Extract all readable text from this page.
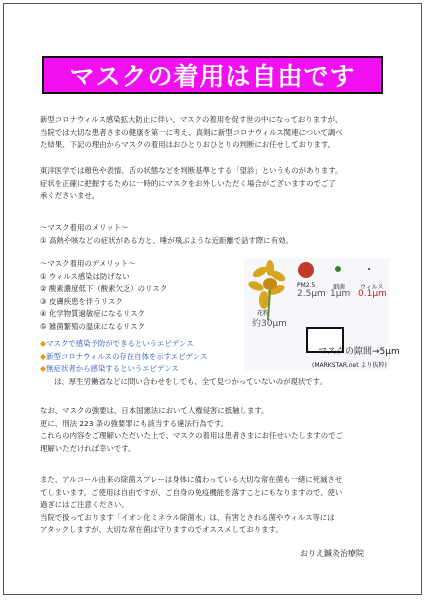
マスクの着用は自由です
新型コロナウィルス感染拡大防止に伴い、マスクの着用を促す世の中になっておりますが、
当院では大切な患者さまの健康を第一に考え、真剣に新型コロナウィルス関連について調べ
た結果、下記の理由からマスクの着用はおひとりおひとりの判断にお任せしております。
東洋医学では顔色や表情、舌の状態などを判断基準とする「望診」というものがあります。
症状を正確に把握するために一時的にマスクをお外しいただく場合がございますのでご了
承くださいませ。
〜マスク着用のメリット〜
① 高熱や咳などの症状がある方と、唾が飛ぶような近距離で話す際に有効。
〜マスク着用のデメリット〜
① ウィルス感染は防げない
② 酸素濃度低下（酸素欠乏）のリスク
③ 皮膚疾患を伴うリスク
④ 化学物質過敏症になるリスク
⑤ 雑菌繁殖の温床になるリスク
PM2.5
2.5μm
細菌
1μm
ウィルス
0.1μm
花粉
約30μm
マスクの隙間→5μm
(MARKSTAR.net より抜粋)
◆マスクで感染予防ができるというエビデンス
◆新型コロナウィルスの存在自体を示すエビデンス
◆無症状者から感染するというエビデンス
は、厚生労働省などに問い合わせをしても、全て見つかっていないのが現状です。
なお、マスクの強要は、日本国憲法において人権侵害に抵触します。
更に、刑法 223 条の強要罪にも該当する違法行為です。
これらの内容をご理解いただいた上で、マスクの着用は患者さまにお任せいたしますのでご
理解いただければ幸いです。
また、アルコール由来の除菌スプレーは身体に備わっている大切な常在菌も一緒に死滅させ
てしまいます。ご使用は自由ですが、ご自身の免疫機能を落すことにもなりますので、使い
過ぎにはご注意ください。
当院で扱っております「イオン化ミネラル除菌水」は、有害とされる菌やウィルス等には
アタックしますが、大切な常在菌は守りますのでオススメしております。
おりえ鍼灸治療院
